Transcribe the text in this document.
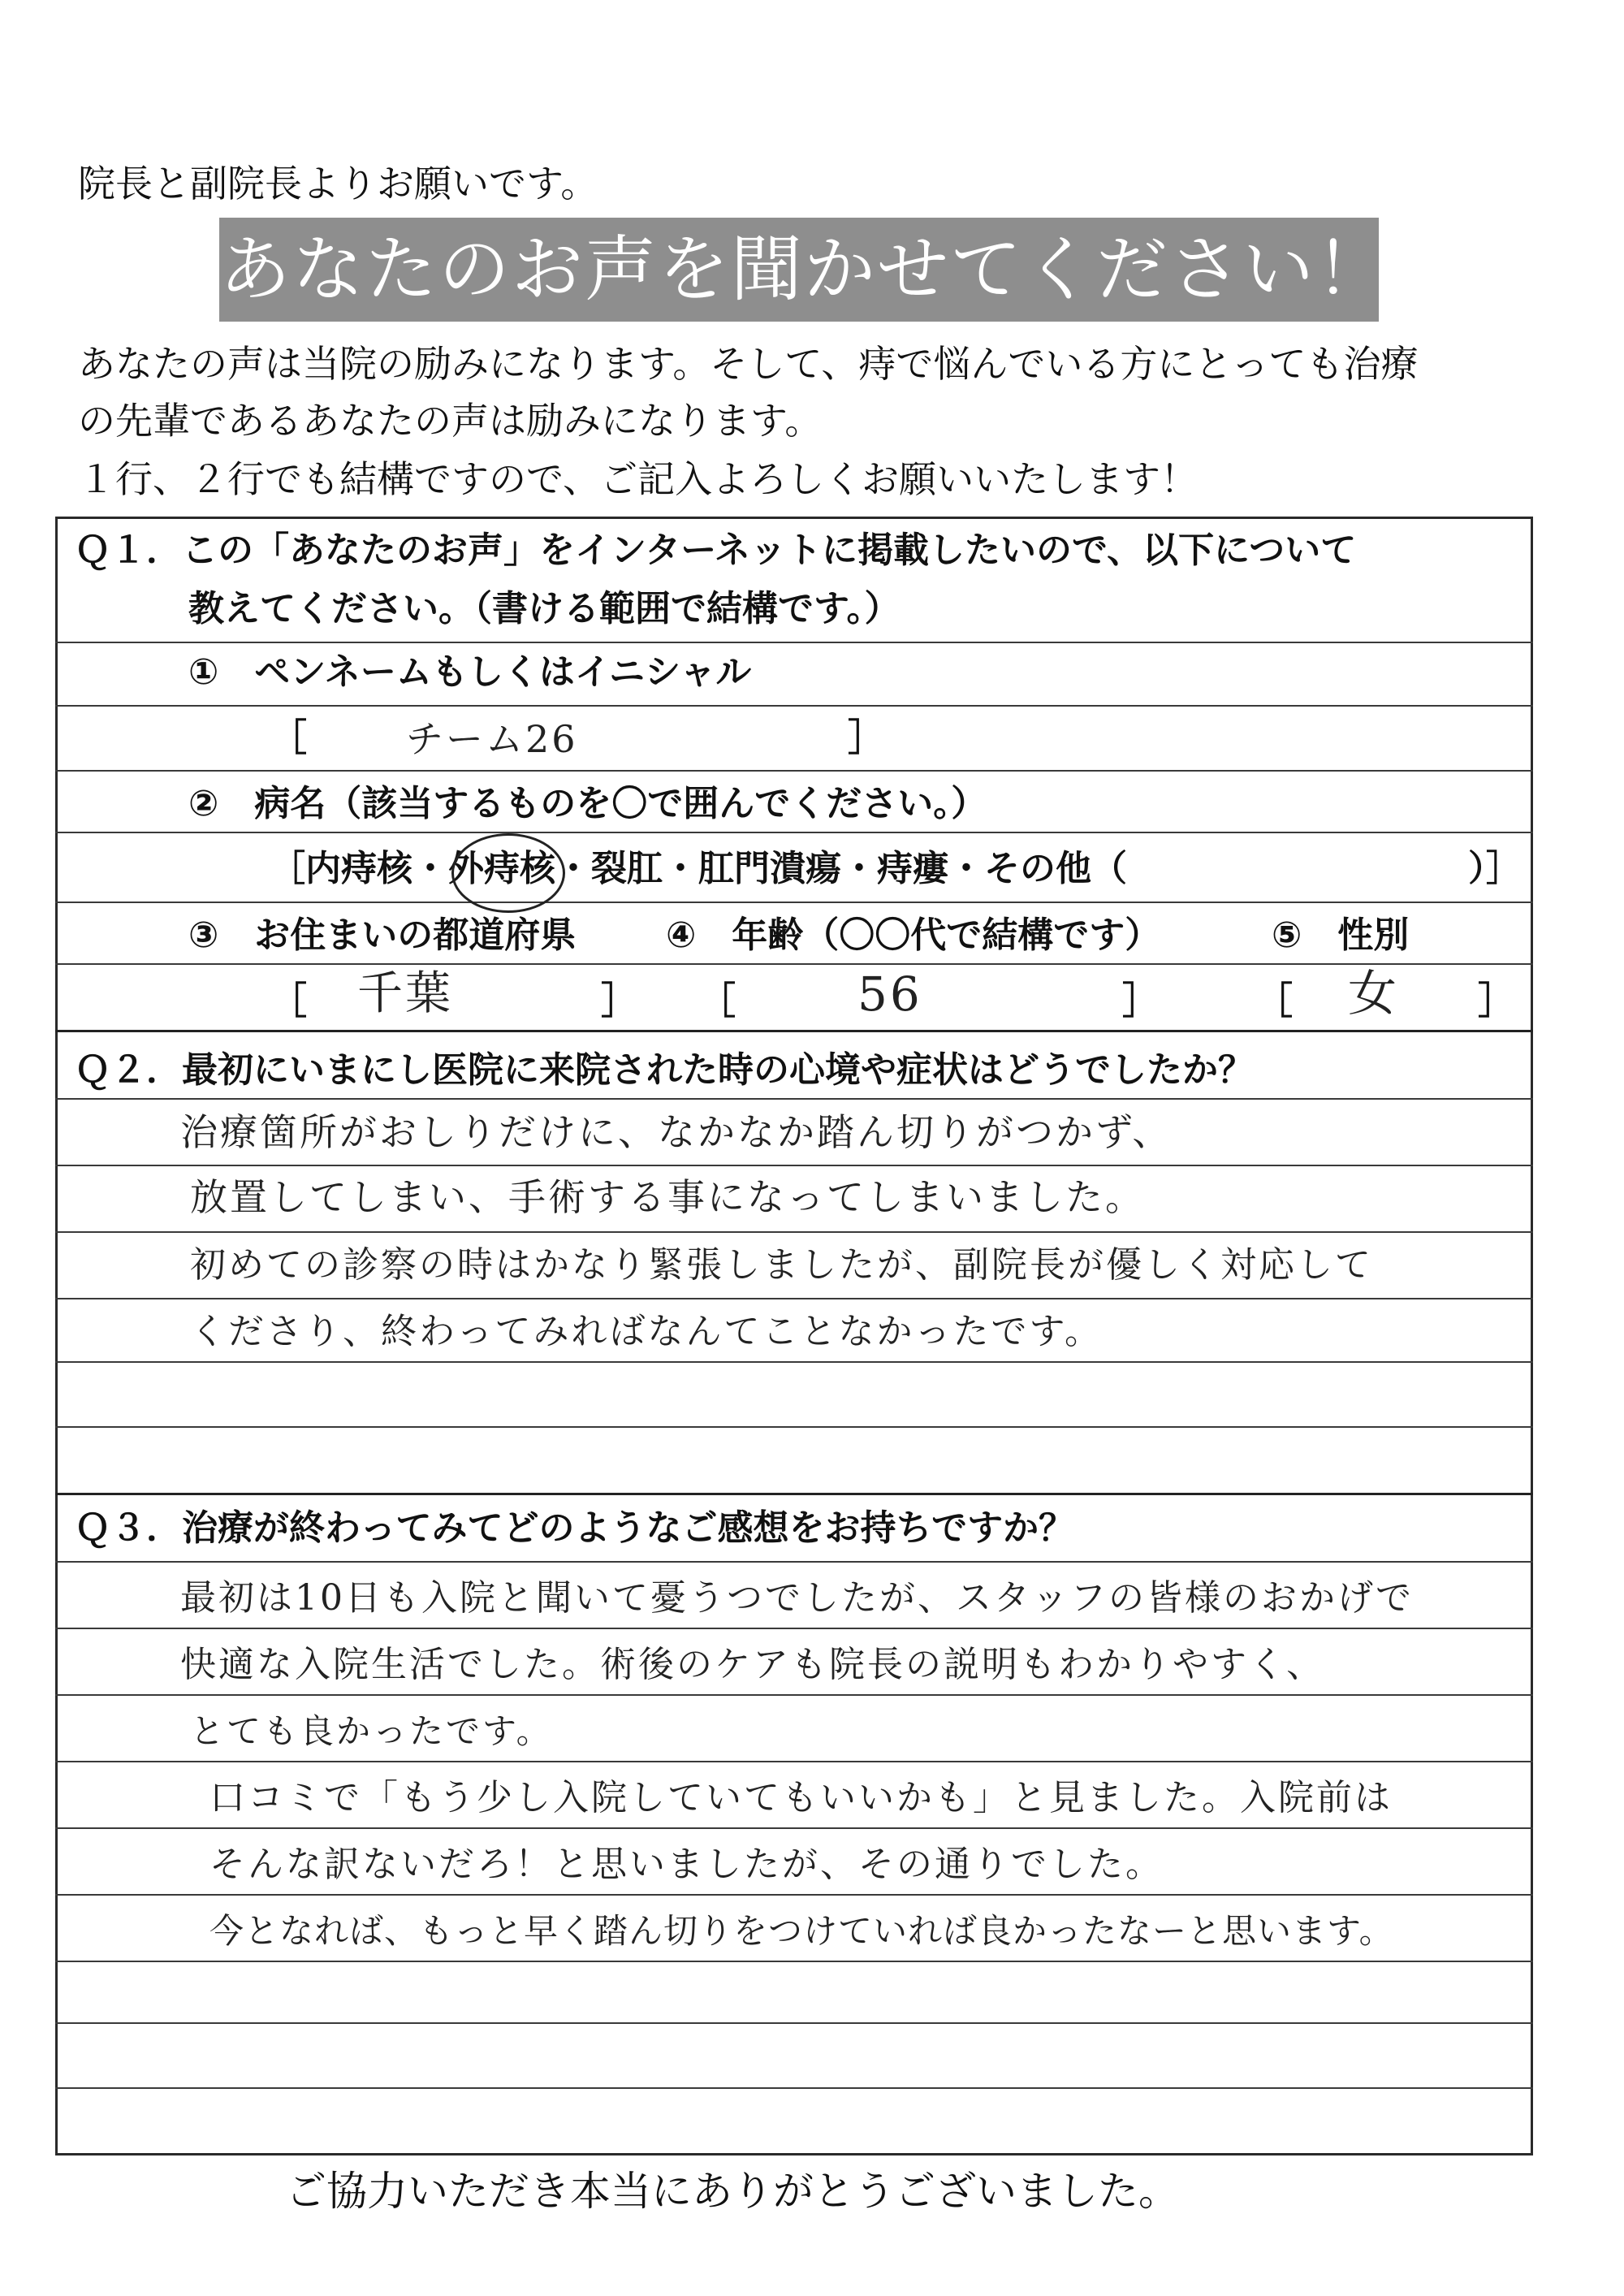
院長と副院長よりお願いです。
あなたのお声を聞かせてください！
あなたの声は当院の励みになります。そして、痔で悩んでいる方にとっても治療
の先輩であるあなたの声は励みになります。
１行、２行でも結構ですので、ご記入よろしくお願いいたします！
Ｑ１．この「あなたのお声」をインターネットに掲載したいので、以下について
教えてください。（書ける範囲で結構です。）
①　ペンネームもしくはイニシャル
［	チーム26	］
②　病名（該当するものを〇で囲んでください。）
［内痔核・外痔核・裂肛・肛門潰瘍・痔瘻・その他（	）］
③　お住まいの都道府県	④　年齢（〇〇代で結構です）	⑤　性別
［ 千葉	］ ［	56	］	［ 女 ］
Ｑ２．最初にいまにし医院に来院された時の心境や症状はどうでしたか？
治療箇所がおしりだけに、なかなか踏ん切りがつかず、
放置してしまい、手術する事になってしまいました。
初めての診察の時はかなり緊張しましたが、副院長が優しく対応して
くださり、終わってみればなんてことなかったです。
Ｑ３．治療が終わってみてどのようなご感想をお持ちですか？
最初は10日も入院と聞いて憂うつでしたが、スタッフの皆様のおかげで
快適な入院生活でした。術後のケアも院長の説明もわかりやすく、
とても良かったです。
口コミで「もう少し入院していてもいいかも」と見ました。入院前は
そんな訳ないだろ！と思いましたが、その通りでした。
今となれば、もっと早く踏ん切りをつけていれば良かったなーと思います。
ご協力いただき本当にありがとうございました。
